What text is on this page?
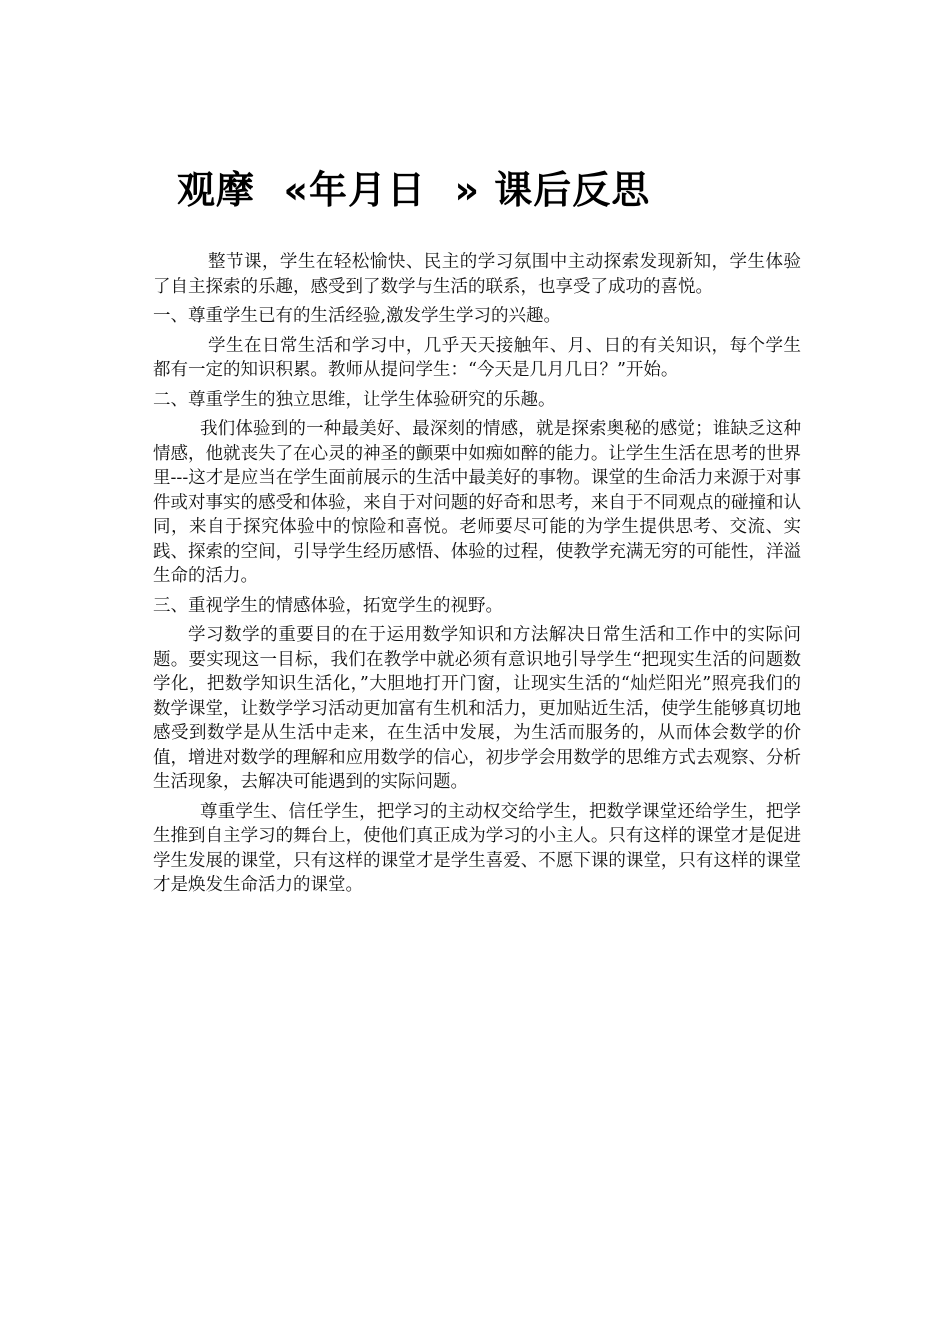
观摩  «年月日  » 课后反思

整节课，学生在轻松愉快、民主的学习氛围中主动探索发现新知，学生体验了自主探索的乐趣，感受到了数学与生活的联系，也享受了成功的喜悦。

一、尊重学生已有的生活经验,激发学生学习的兴趣。

学生在日常生活和学习中，几乎天天接触年、月、日的有关知识，每个学生都有一定的知识积累。教师从提问学生：“今天是几月几日？”开始。

二、尊重学生的独立思维，让学生体验研究的乐趣。

我们体验到的一种最美好、最深刻的情感，就是探索奥秘的感觉；谁缺乏这种情感，他就丧失了在心灵的神圣的颤栗中如痴如醉的能力。让学生生活在思考的世界里---这才是应当在学生面前展示的生活中最美好的事物。课堂的生命活力来源于对事件或对事实的感受和体验，来自于对问题的好奇和思考，来自于不同观点的碰撞和认同，来自于探究体验中的惊险和喜悦。老师要尽可能的为学生提供思考、交流、实践、探索的空间，引导学生经历感悟、体验的过程，使教学充满无穷的可能性，洋溢生命的活力。

三、重视学生的情感体验，拓宽学生的视野。

学习数学的重要目的在于运用数学知识和方法解决日常生活和工作中的实际问题。要实现这一目标，我们在教学中就必须有意识地引导学生“把现实生活的问题数学化，把数学知识生活化，”大胆地打开门窗，让现实生活的“灿烂阳光”照亮我们的数学课堂，让数学学习活动更加富有生机和活力，更加贴近生活，使学生能够真切地感受到数学是从生活中走来，在生活中发展，为生活而服务的，从而体会数学的价值，增进对数学的理解和应用数学的信心，初步学会用数学的思维方式去观察、分析生活现象，去解决可能遇到的实际问题。

尊重学生、信任学生，把学习的主动权交给学生，把数学课堂还给学生，把学生推到自主学习的舞台上，使他们真正成为学习的小主人。只有这样的课堂才是促进学生发展的课堂，只有这样的课堂才是学生喜爱、不愿下课的课堂，只有这样的课堂才是焕发生命活力的课堂。
